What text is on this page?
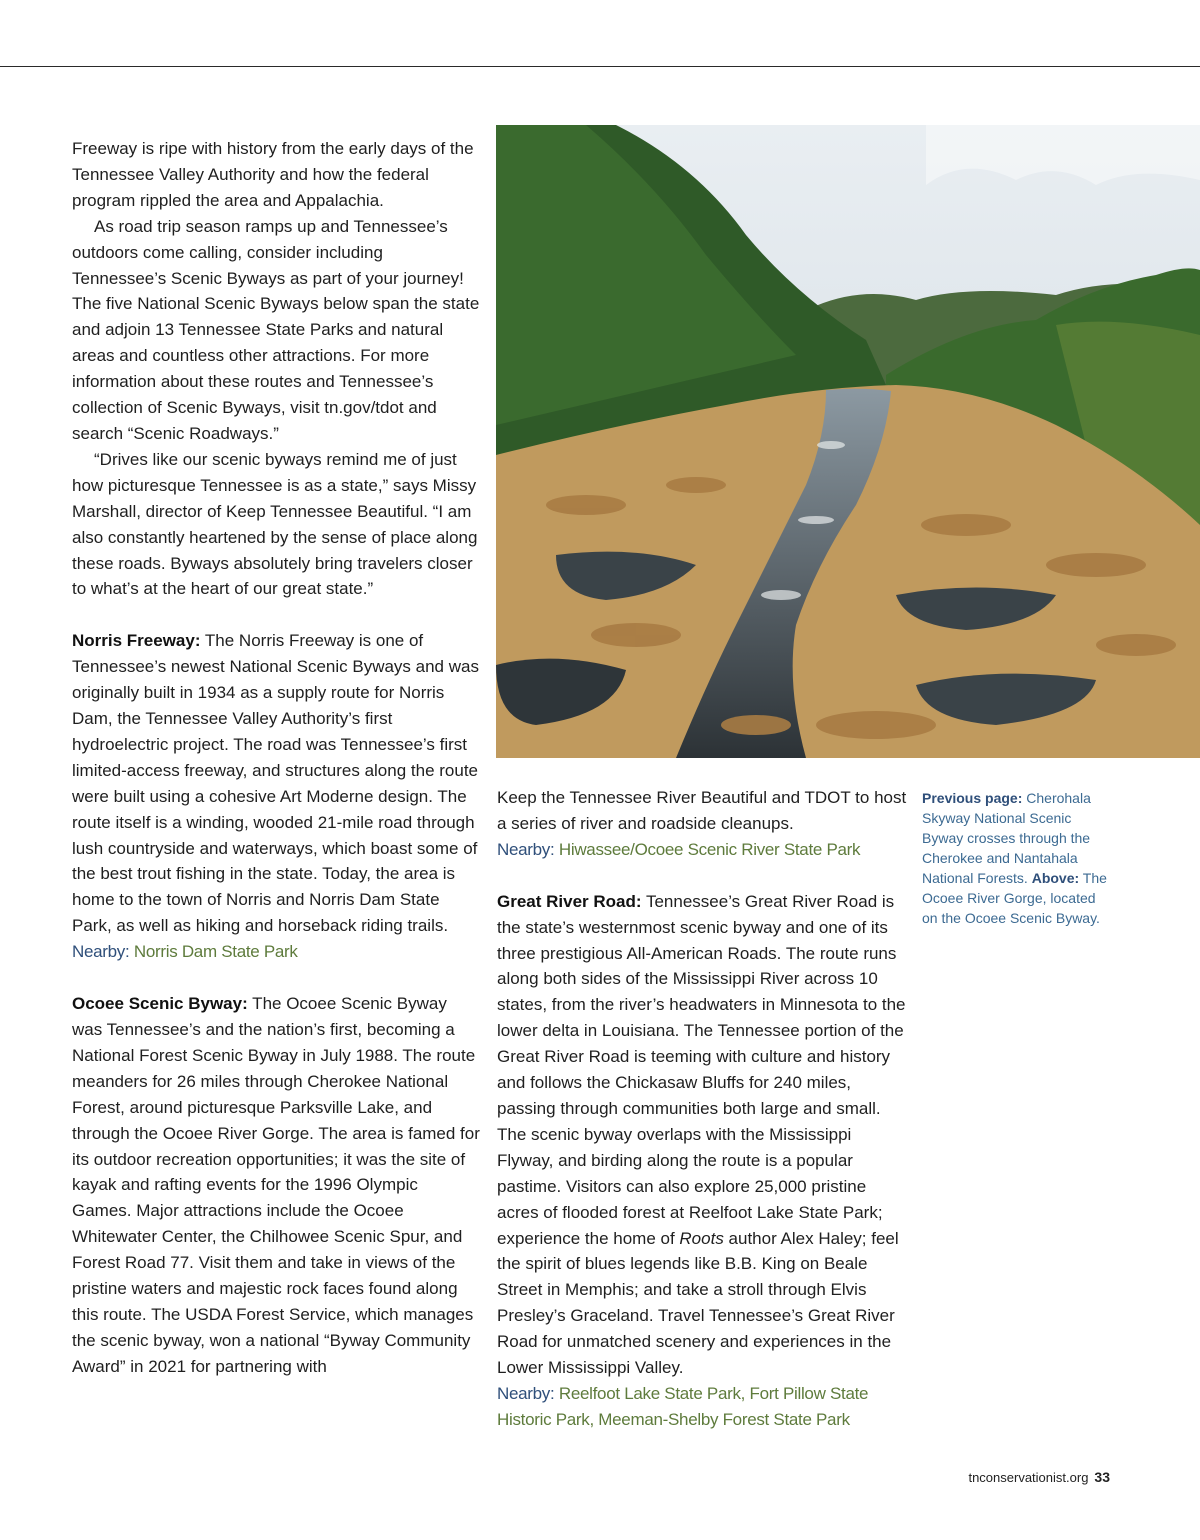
Freeway is ripe with history from the early days of the Tennessee Valley Authority and how the federal program rippled the area and Appalachia.

As road trip season ramps up and Tennessee’s outdoors come calling, consider including Tennessee’s Scenic Byways as part of your journey! The five National Scenic Byways below span the state and adjoin 13 Tennessee State Parks and natural areas and countless other attractions. For more information about these routes and Tennessee’s collection of Scenic Byways, visit tn.gov/tdot and search “Scenic Roadways.”

“Drives like our scenic byways remind me of just how picturesque Tennessee is as a state,” says Missy Marshall, director of Keep Tennessee Beautiful. “I am also constantly heartened by the sense of place along these roads. Byways absolutely bring travelers closer to what’s at the heart of our great state.”

Norris Freeway: The Norris Freeway is one of Tennessee’s newest National Scenic Byways and was originally built in 1934 as a supply route for Norris Dam, the Tennessee Valley Authority’s first hydroelectric project. The road was Tennessee’s first limited-access freeway, and structures along the route were built using a cohesive Art Moderne design. The route itself is a winding, wooded 21-mile road through lush countryside and waterways, which boast some of the best trout fishing in the state. Today, the area is home to the town of Norris and Norris Dam State Park, as well as hiking and horseback riding trails.

Nearby: Norris Dam State Park

Ocoee Scenic Byway: The Ocoee Scenic Byway was Tennessee’s and the nation’s first, becoming a National Forest Scenic Byway in July 1988. The route meanders for 26 miles through Cherokee National Forest, around picturesque Parksville Lake, and through the Ocoee River Gorge. The area is famed for its outdoor recreation opportunities; it was the site of kayak and rafting events for the 1996 Olympic Games. Major attractions include the Ocoee Whitewater Center, the Chilhowee Scenic Spur, and Forest Road 77. Visit them and take in views of the pristine waters and majestic rock faces found along this route. The USDA Forest Service, which manages the scenic byway, won a national “Byway Community Award” in 2021 for partnering with

Keep the Tennessee River Beautiful and TDOT to host a series of river and roadside cleanups.

Nearby: Hiwassee/Ocoee Scenic River State Park

Great River Road: Tennessee’s Great River Road is the state’s westernmost scenic byway and one of its three prestigious All-American Roads. The route runs along both sides of the Mississippi River across 10 states, from the river’s headwaters in Minnesota to the lower delta in Louisiana. The Tennessee portion of the Great River Road is teeming with culture and history and follows the Chickasaw Bluffs for 240 miles, passing through communities both large and small. The scenic byway overlaps with the Mississippi Flyway, and birding along the route is a popular pastime. Visitors can also explore 25,000 pristine acres of flooded forest at Reelfoot Lake State Park; experience the home of Roots author Alex Haley; feel the spirit of blues legends like B.B. King on Beale Street in Memphis; and take a stroll through Elvis Presley’s Graceland. Travel Tennessee’s Great River Road for unmatched scenery and experiences in the Lower Mississippi Valley.

Nearby: Reelfoot Lake State Park, Fort Pillow State Historic Park, Meeman-Shelby Forest State Park

Previous page: Cherohala Skyway National Scenic Byway crosses through the Cherokee and Nantahala National Forests. Above: The Ocoee River Gorge, located on the Ocoee Scenic Byway.
tnconservationist.org 33
